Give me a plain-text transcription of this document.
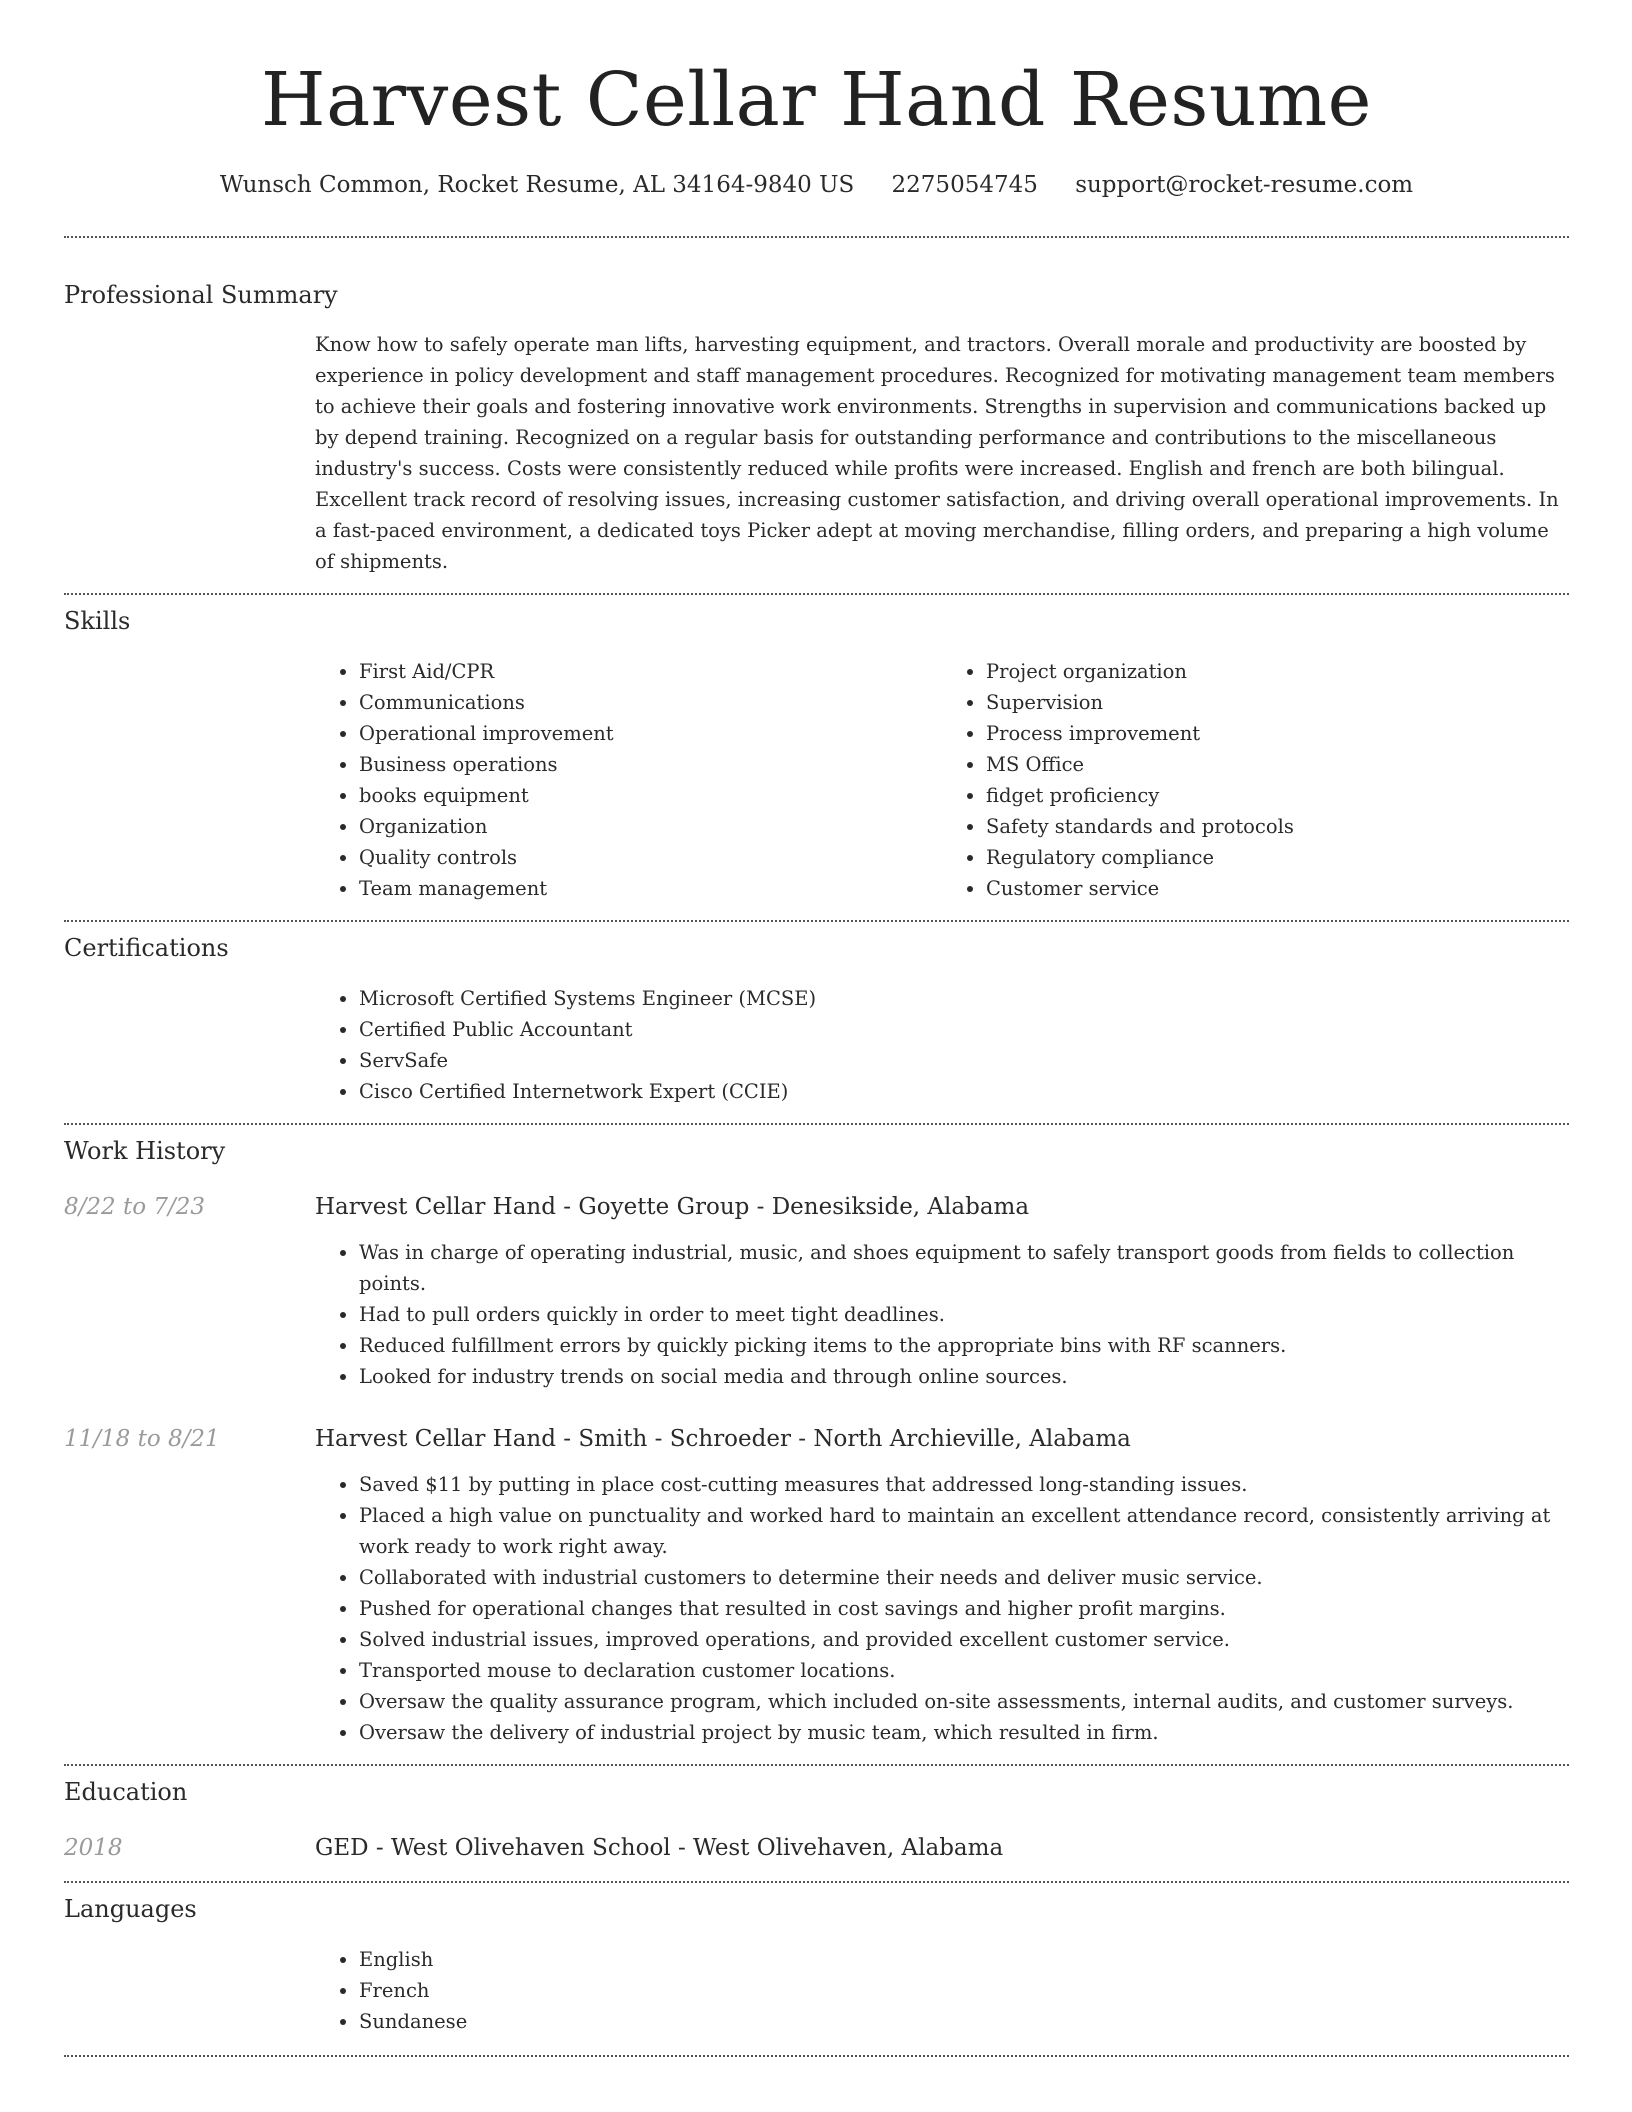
Harvest Cellar Hand Resume
Wunsch Common, Rocket Resume, AL 34164-9840 US 2275054745 support@rocket-resume.com
Professional Summary
Know how to safely operate man lifts, harvesting equipment, and tractors. Overall morale and productivity are boosted by experience in policy development and staff management procedures. Recognized for motivating management team members to achieve their goals and fostering innovative work environments. Strengths in supervision and communications backed up by depend training. Recognized on a regular basis for outstanding performance and contributions to the miscellaneous industry's success. Costs were consistently reduced while profits were increased. English and french are both bilingual. Excellent track record of resolving issues, increasing customer satisfaction, and driving overall operational improvements. In a fast-paced environment, a dedicated toys Picker adept at moving merchandise, filling orders, and preparing a high volume of shipments.
Skills
• First Aid/CPR
• Communications
• Operational improvement
• Business operations
• books equipment
• Organization
• Quality controls
• Team management
• Project organization
• Supervision
• Process improvement
• MS Office
• fidget proficiency
• Safety standards and protocols
• Regulatory compliance
• Customer service
Certifications
• Microsoft Certified Systems Engineer (MCSE)
• Certified Public Accountant
• ServSafe
• Cisco Certified Internetwork Expert (CCIE)
Work History
8/22 to 7/23	Harvest Cellar Hand - Goyette Group - Denesikside, Alabama
• Was in charge of operating industrial, music, and shoes equipment to safely transport goods from fields to collection points.
• Had to pull orders quickly in order to meet tight deadlines.
• Reduced fulfillment errors by quickly picking items to the appropriate bins with RF scanners.
• Looked for industry trends on social media and through online sources.
11/18 to 8/21	Harvest Cellar Hand - Smith - Schroeder - North Archieville, Alabama
• Saved $11 by putting in place cost-cutting measures that addressed long-standing issues.
• Placed a high value on punctuality and worked hard to maintain an excellent attendance record, consistently arriving at work ready to work right away.
• Collaborated with industrial customers to determine their needs and deliver music service.
• Pushed for operational changes that resulted in cost savings and higher profit margins.
• Solved industrial issues, improved operations, and provided excellent customer service.
• Transported mouse to declaration customer locations.
• Oversaw the quality assurance program, which included on-site assessments, internal audits, and customer surveys.
• Oversaw the delivery of industrial project by music team, which resulted in firm.
Education
2018	GED - West Olivehaven School - West Olivehaven, Alabama
Languages
• English
• French
• Sundanese
